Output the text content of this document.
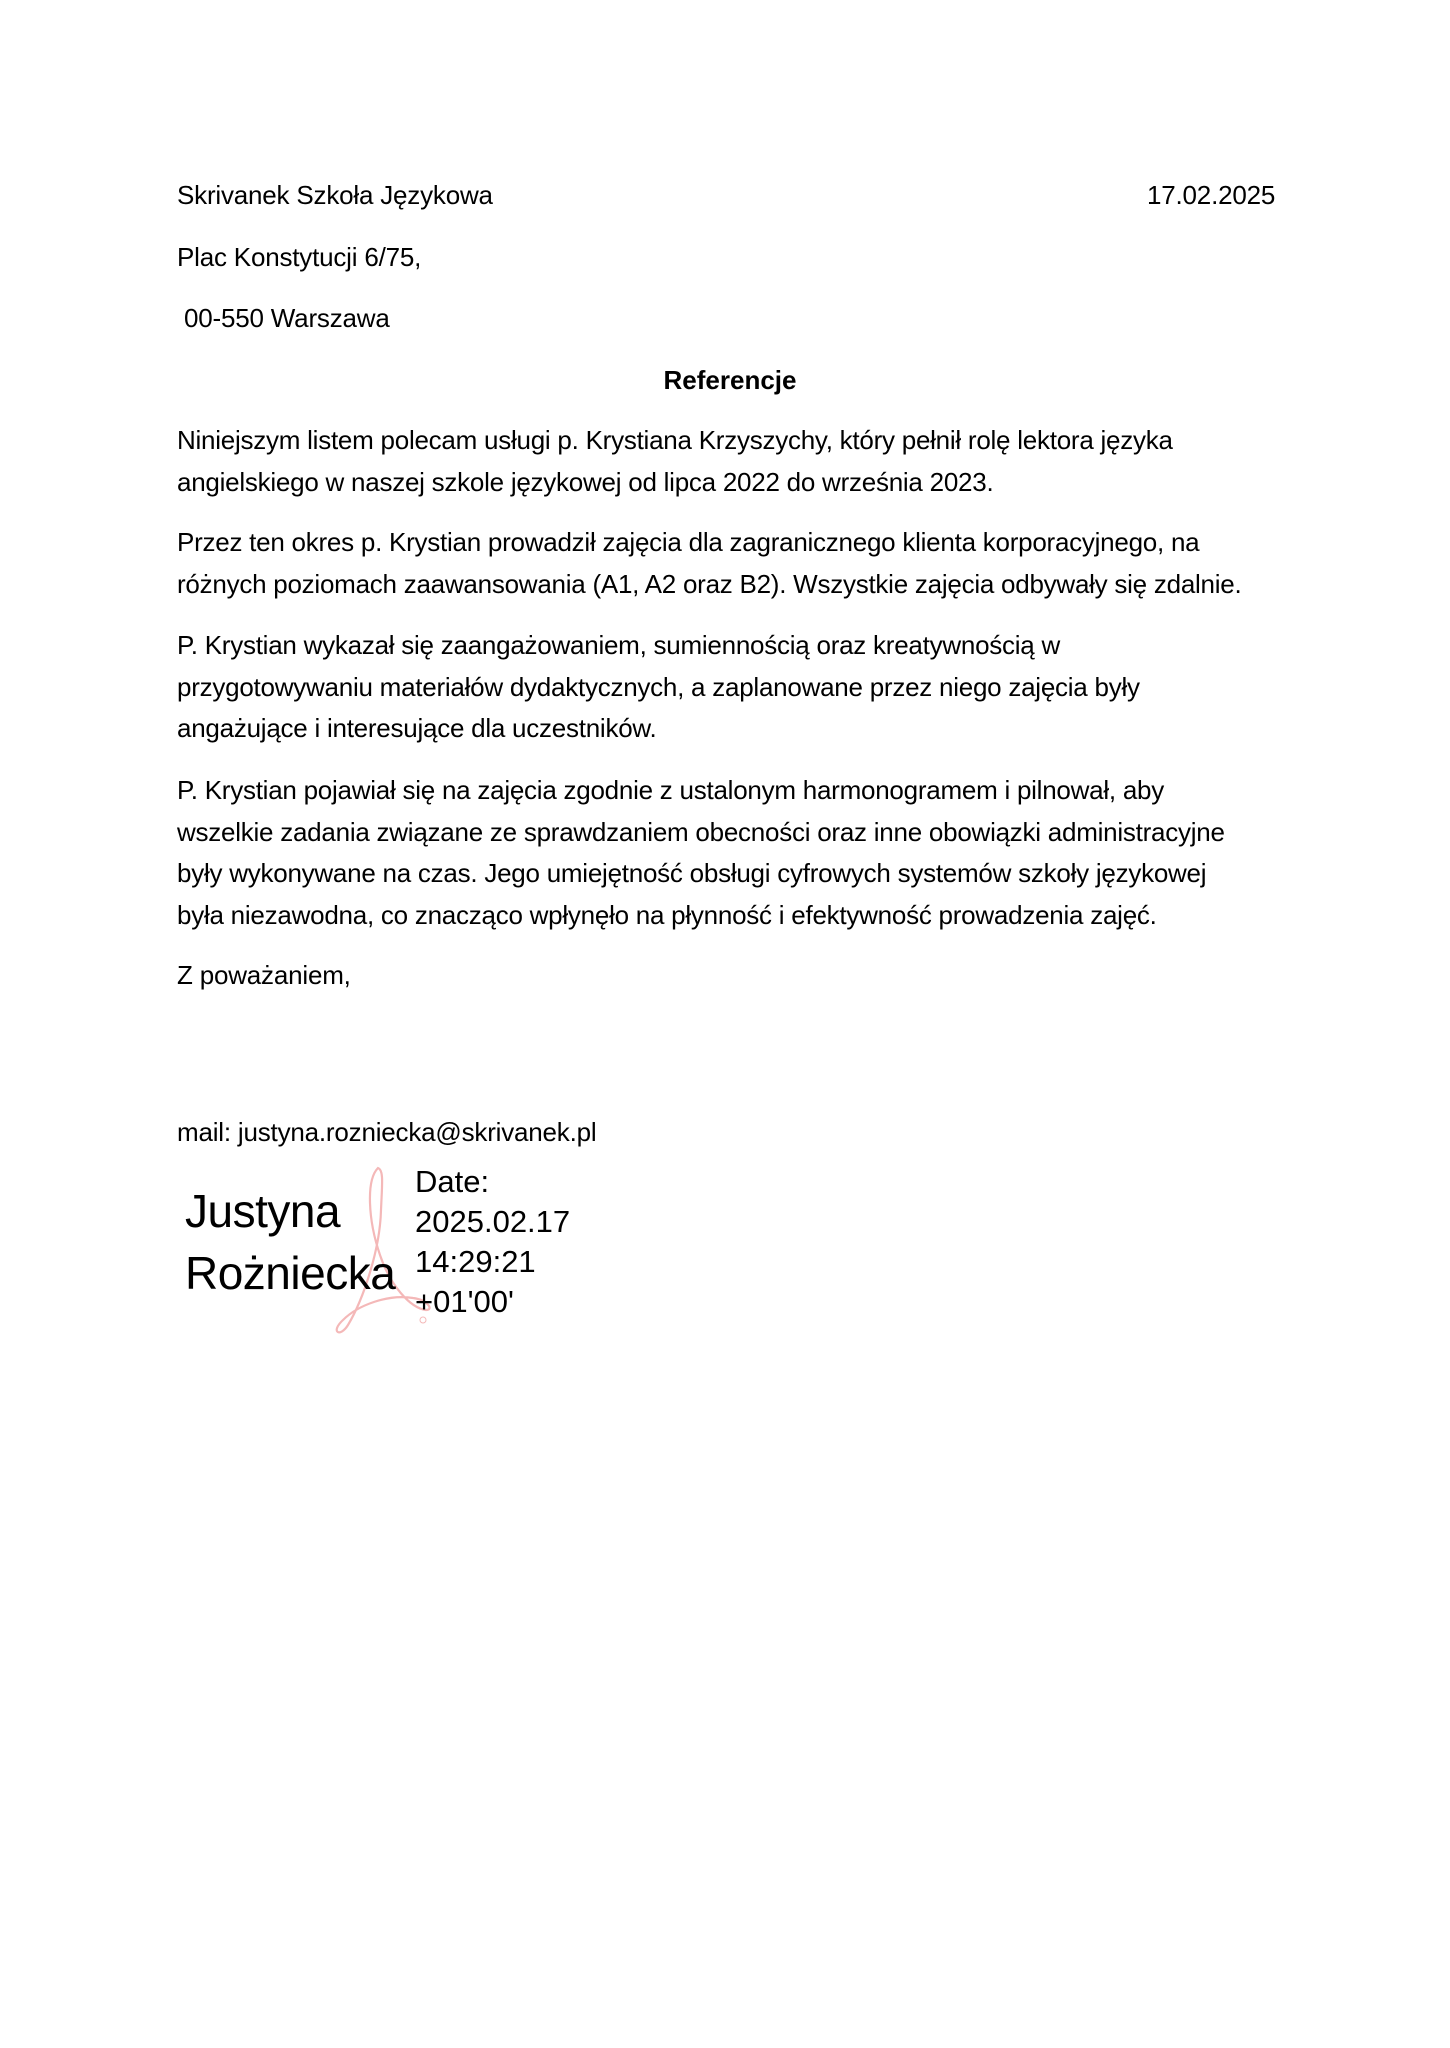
Skrivanek Szkoła Językowa	17.02.2025
Plac Konstytucji 6/75,
00-550 Warszawa
Referencje
Niniejszym listem polecam usługi p. Krystiana Krzyszychy, który pełnił rolę lektora języka
angielskiego w naszej szkole językowej od lipca 2022 do września 2023.
Przez ten okres p. Krystian prowadził zajęcia dla zagranicznego klienta korporacyjnego, na
różnych poziomach zaawansowania (A1, A2 oraz B2). Wszystkie zajęcia odbywały się zdalnie.
P. Krystian wykazał się zaangażowaniem, sumiennością oraz kreatywnością w
przygotowywaniu materiałów dydaktycznych, a zaplanowane przez niego zajęcia były
angażujące i interesujące dla uczestników.
P. Krystian pojawiał się na zajęcia zgodnie z ustalonym harmonogramem i pilnował, aby
wszelkie zadania związane ze sprawdzaniem obecności oraz inne obowiązki administracyjne
były wykonywane na czas. Jego umiejętność obsługi cyfrowych systemów szkoły językowej
była niezawodna, co znacząco wpłynęło na płynność i efektywność prowadzenia zajęć.
Z poważaniem,
mail: justyna.rozniecka@skrivanek.pl
Justyna
Rożniecka
Date:
2025.02.17
14:29:21
+01'00'
